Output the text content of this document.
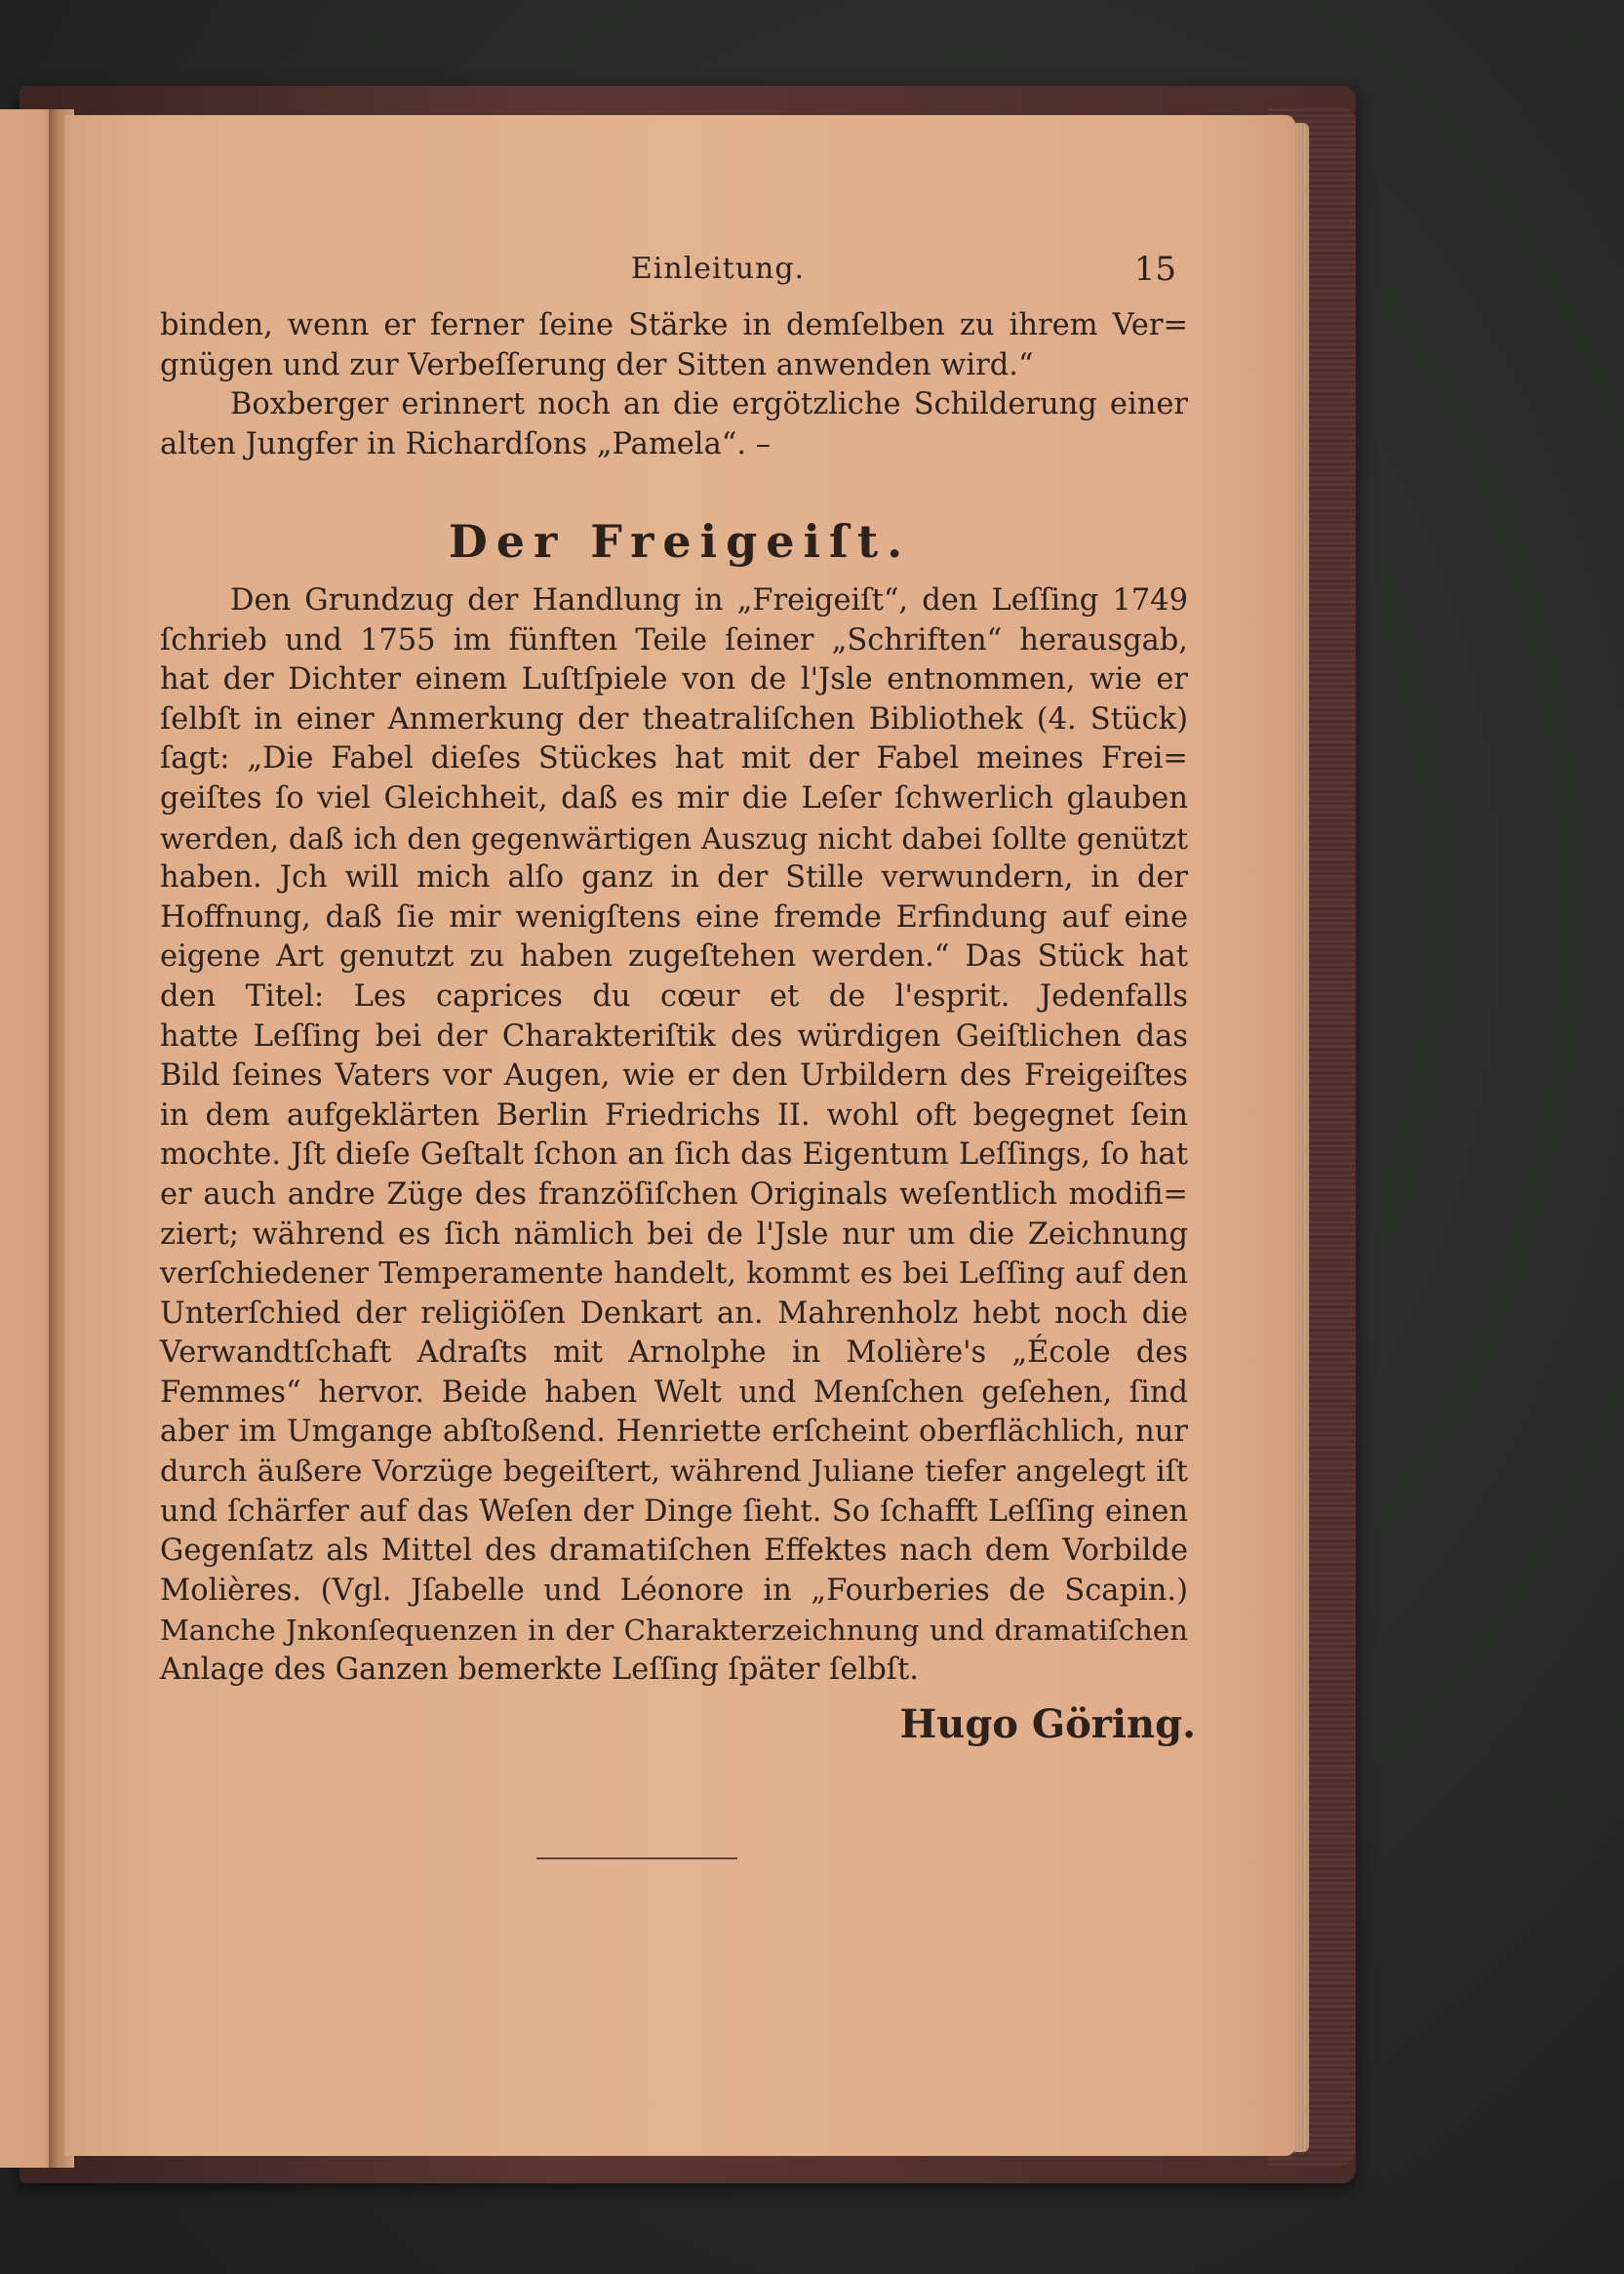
Einleitung.	15

binden, wenn er ferner ſeine Stärke in demſelben zu ihrem Ver=
gnügen und zur Verbeſſerung der Sitten anwenden wird.“

Boxberger erinnert noch an die ergötzliche Schilderung einer
alten Jungfer in Richardſons „Pamela“. –

Der Freigeiſt.

Den Grundzug der Handlung in „Freigeiſt“, den Leſſing 1749
ſchrieb und 1755 im fünften Teile ſeiner „Schriften“ herausgab,
hat der Dichter einem Luſtſpiele von de l'Jsle entnommen, wie er
ſelbſt in einer Anmerkung der theatraliſchen Bibliothek (4. Stück)
ſagt: „Die Fabel dieſes Stückes hat mit der Fabel meines Frei=
geiſtes ſo viel Gleichheit, daß es mir die Leſer ſchwerlich glauben
werden, daß ich den gegenwärtigen Auszug nicht dabei ſollte genützt
haben. Jch will mich alſo ganz in der Stille verwundern, in der
Hoffnung, daß ſie mir wenigſtens eine fremde Erfindung auf eine
eigene Art genutzt zu haben zugeſtehen werden.“ Das Stück hat
den Titel: Les caprices du cœur et de l'esprit. Jedenfalls
hatte Leſſing bei der Charakteriſtik des würdigen Geiſtlichen das
Bild ſeines Vaters vor Augen, wie er den Urbildern des Freigeiſtes
in dem aufgeklärten Berlin Friedrichs II. wohl oft begegnet ſein
mochte. Jſt dieſe Geſtalt ſchon an ſich das Eigentum Leſſings, ſo hat
er auch andre Züge des franzöſiſchen Originals weſentlich modifi=
ziert; während es ſich nämlich bei de l'Jsle nur um die Zeichnung
verſchiedener Temperamente handelt, kommt es bei Leſſing auf den
Unterſchied der religiöſen Denkart an. Mahrenholz hebt noch die
Verwandtſchaft Adraſts mit Arnolphe in Molière's „École des
Femmes“ hervor. Beide haben Welt und Menſchen geſehen, ſind
aber im Umgange abſtoßend. Henriette erſcheint oberflächlich, nur
durch äußere Vorzüge begeiſtert, während Juliane tiefer angelegt iſt
und ſchärfer auf das Weſen der Dinge ſieht. So ſchafft Leſſing einen
Gegenſatz als Mittel des dramatiſchen Effektes nach dem Vorbilde
Molières. (Vgl. Jſabelle und Léonore in „Fourberies de Scapin.)
Manche Jnkonſequenzen in der Charakterzeichnung und dramatiſchen
Anlage des Ganzen bemerkte Leſſing ſpäter ſelbſt.

Hugo Göring.
